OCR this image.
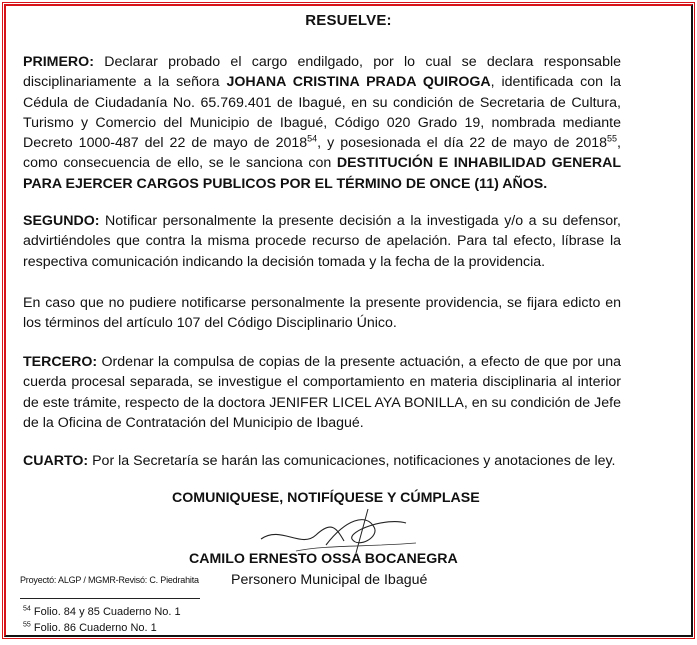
RESUELVE:
PRIMERO: Declarar probado el cargo endilgado, por lo cual se declara responsable disciplinariamente a la señora JOHANA CRISTINA PRADA QUIROGA, identificada con la Cédula de Ciudadanía No. 65.769.401 de Ibagué, en su condición de Secretaria de Cultura, Turismo y Comercio del Municipio de Ibagué, Código 020 Grado 19, nombrada mediante Decreto 1000-487 del 22 de mayo de 2018$^{54}$, y posesionada el día 22 de mayo de 2018$^{55}$, como consecuencia de ello, se le sanciona con DESTITUCIÓN E INHABILIDAD GENERAL PARA EJERCER CARGOS PUBLICOS POR EL TÉRMINO DE ONCE (11) AÑOS.
SEGUNDO: Notificar personalmente la presente decisión a la investigada y/o a su defensor, advirtiéndoles que contra la misma procede recurso de apelación. Para tal efecto, líbrase la respectiva comunicación indicando la decisión tomada y la fecha de la providencia.
En caso que no pudiere notificarse personalmente la presente providencia, se fijara edicto en los términos del artículo 107 del Código Disciplinario Único.
TERCERO: Ordenar la compulsa de copias de la presente actuación, a efecto de que por una cuerda procesal separada, se investigue el comportamiento en materia disciplinaria al interior de este trámite, respecto de la doctora JENIFER LICEL AYA BONILLA, en su condición de Jefe de la Oficina de Contratación del Municipio de Ibagué.
CUARTO: Por la Secretaría se harán las comunicaciones, notificaciones y anotaciones de ley.
COMUNIQUESE, NOTIFÍQUESE Y CÚMPLASE
CAMILO ERNESTO OSSA BOCANEGRA
Personero Municipal de Ibagué
Proyectó: ALGP / MGMR-Revisó: C. Piedrahita
$^{54}$ Folio. 84 y 85 Cuaderno No. 1
$^{55}$ Folio. 86 Cuaderno No. 1
